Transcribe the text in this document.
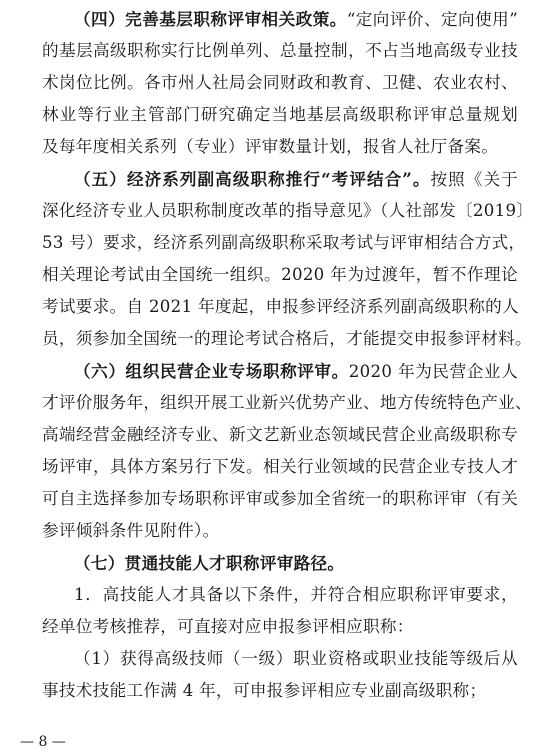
（四）完善基层职称评审相关政策。“定向评价、定向使用”
的基层高级职称实行比例单列、总量控制，不占当地高级专业技
术岗位比例。各市州人社局会同财政和教育、卫健、农业农村、
林业等行业主管部门研究确定当地基层高级职称评审总量规划
及每年度相关系列（专业）评审数量计划，报省人社厅备案。
（五）经济系列副高级职称推行“考评结合”。按照《关于
深化经济专业人员职称制度改革的指导意见》（人社部发〔2019〕
53 号）要求，经济系列副高级职称采取考试与评审相结合方式，
相关理论考试由全国统一组织。2020 年为过渡年，暂不作理论
考试要求。自 2021 年度起，申报参评经济系列副高级职称的人
员，须参加全国统一的理论考试合格后，才能提交申报参评材料。
（六）组织民营企业专场职称评审。2020 年为民营企业人
才评价服务年，组织开展工业新兴优势产业、地方传统特色产业、
高端经营金融经济专业、新文艺新业态领域民营企业高级职称专
场评审，具体方案另行下发。相关行业领域的民营企业专技人才
可自主选择参加专场职称评审或参加全省统一的职称评审（有关
参评倾斜条件见附件）。
（七）贯通技能人才职称评审路径。
1．高技能人才具备以下条件，并符合相应职称评审要求，
经单位考核推荐，可直接对应申报参评相应职称：
（1）获得高级技师（一级）职业资格或职业技能等级后从
事技术技能工作满 4 年，可申报参评相应专业副高级职称；
— 8 —
